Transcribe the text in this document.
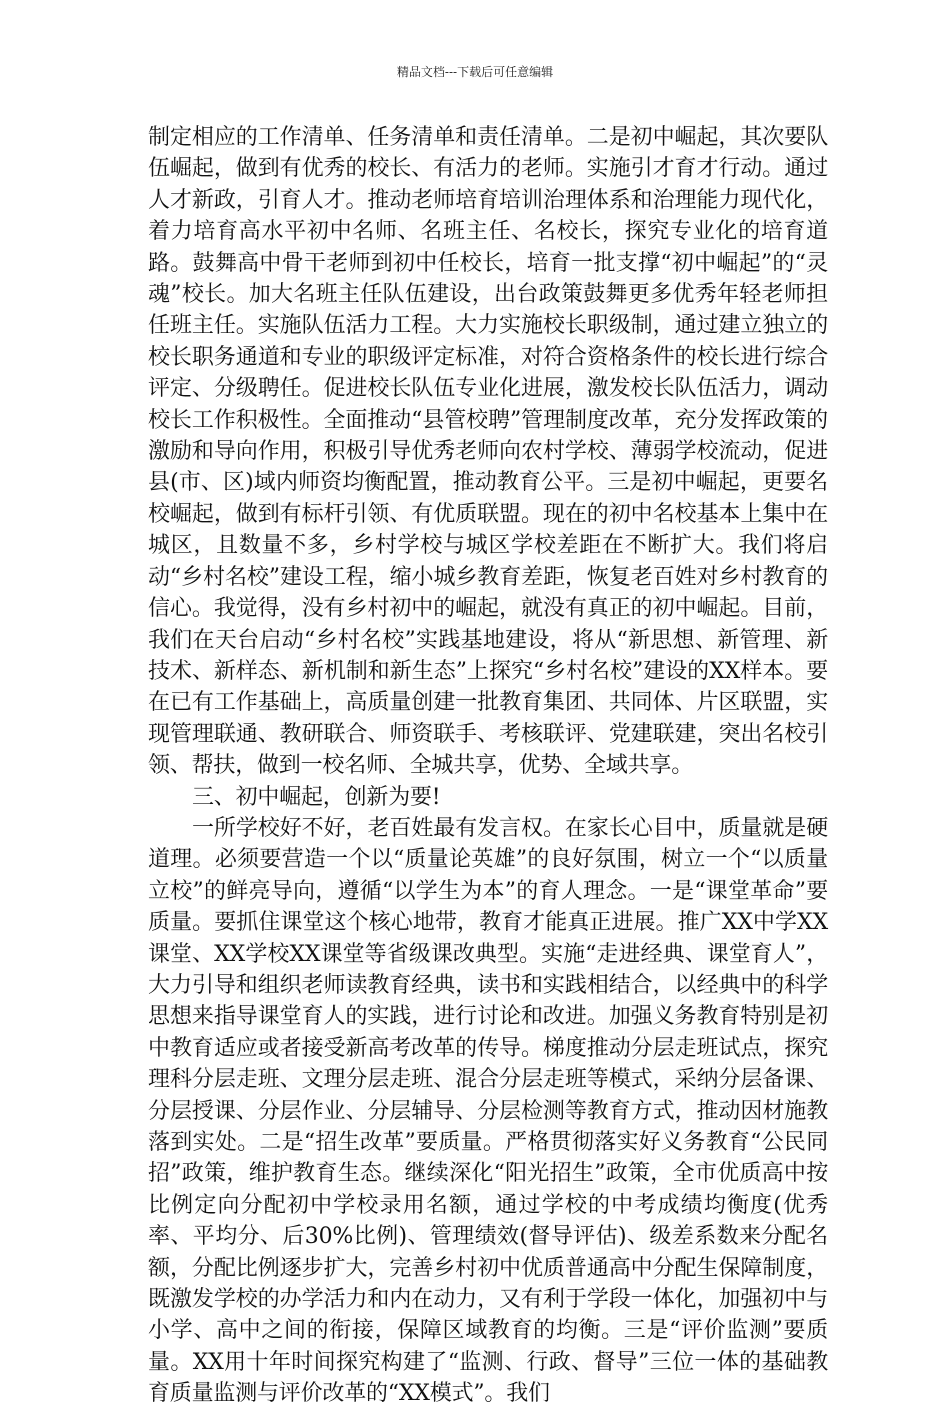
精品文档---下载后可任意编辑

制定相应的工作清单、任务清单和责任清单。二是初中崛起，其次要队伍崛起，做到有优秀的校长、有活力的老师。实施引才育才行动。通过人才新政，引育人才。推动老师培育培训治理体系和治理能力现代化，着力培育高水平初中名师、名班主任、名校长，探究专业化的培育道路。鼓舞高中骨干老师到初中任校长，培育一批支撑“初中崛起”的“灵魂”校长。加大名班主任队伍建设，出台政策鼓舞更多优秀年轻老师担任班主任。实施队伍活力工程。大力实施校长职级制，通过建立独立的校长职务通道和专业的职级评定标准，对符合资格条件的校长进行综合评定、分级聘任。促进校长队伍专业化进展，激发校长队伍活力，调动校长工作积极性。全面推动“县管校聘”管理制度改革，充分发挥政策的激励和导向作用，积极引导优秀老师向农村学校、薄弱学校流动，促进县(市、区)域内师资均衡配置，推动教育公平。三是初中崛起，更要名校崛起，做到有标杆引领、有优质联盟。现在的初中名校基本上集中在城区，且数量不多，乡村学校与城区学校差距在不断扩大。我们将启动“乡村名校”建设工程，缩小城乡教育差距，恢复老百姓对乡村教育的信心。我觉得，没有乡村初中的崛起，就没有真正的初中崛起。目前，我们在天台启动“乡村名校”实践基地建设，将从“新思想、新管理、新技术、新样态、新机制和新生态”上探究“乡村名校”建设的XX样本。要在已有工作基础上，高质量创建一批教育集团、共同体、片区联盟，实现管理联通、教研联合、师资联手、考核联评、党建联建，突出名校引领、帮扶，做到一校名师、全城共享，优势、全域共享。

三、初中崛起，创新为要!

一所学校好不好，老百姓最有发言权。在家长心目中，质量就是硬道理。必须要营造一个以“质量论英雄”的良好氛围，树立一个“以质量立校”的鲜亮导向，遵循“以学生为本”的育人理念。一是“课堂革命”要质量。要抓住课堂这个核心地带，教育才能真正进展。推广XX中学XX课堂、XX学校XX课堂等省级课改典型。实施“走进经典、课堂育人”，大力引导和组织老师读教育经典，读书和实践相结合，以经典中的科学思想来指导课堂育人的实践，进行讨论和改进。加强义务教育特别是初中教育适应或者接受新高考改革的传导。梯度推动分层走班试点，探究理科分层走班、文理分层走班、混合分层走班等模式，采纳分层备课、分层授课、分层作业、分层辅导、分层检测等教育方式，推动因材施教落到实处。二是“招生改革”要质量。严格贯彻落实好义务教育“公民同招”政策，维护教育生态。继续深化“阳光招生”政策，全市优质高中按比例定向分配初中学校录用名额，通过学校的中考成绩均衡度(优秀率、平均分、后30%比例)、管理绩效(督导评估)、级差系数来分配名额，分配比例逐步扩大，完善乡村初中优质普通高中分配生保障制度，既激发学校的办学活力和内在动力，又有利于学段一体化，加强初中与小学、高中之间的衔接，保障区域教育的均衡。三是“评价监测”要质量。XX用十年时间探究构建了“监测、行政、督导”三位一体的基础教育质量监测与评价改革的“XX模式”。我们
